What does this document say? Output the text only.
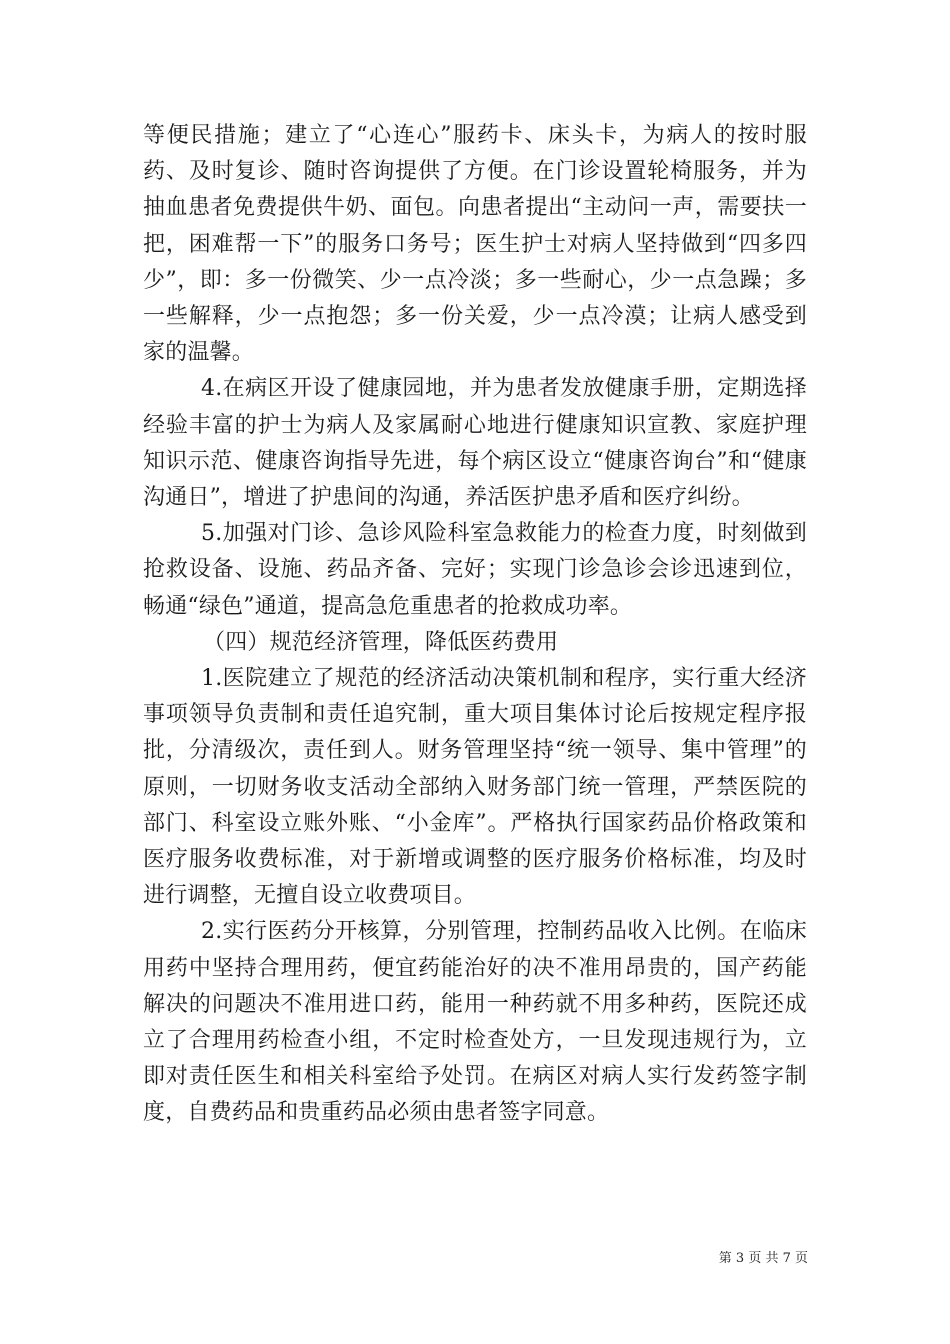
等便民措施；建立了“心连心”服药卡、床头卡，为病人的按时服药、及时复诊、随时咨询提供了方便。在门诊设置轮椅服务，并为抽血患者免费提供牛奶、面包。向患者提出“主动问一声，需要扶一把，困难帮一下”的服务口务号；医生护士对病人坚持做到“四多四少”，即：多一份微笑、少一点冷淡；多一些耐心，少一点急躁；多一些解释，少一点抱怨；多一份关爱，少一点冷漠；让病人感受到家的温馨。

4.在病区开设了健康园地，并为患者发放健康手册，定期选择经验丰富的护士为病人及家属耐心地进行健康知识宣教、家庭护理知识示范、健康咨询指导先进，每个病区设立“健康咨询台”和“健康沟通日”，增进了护患间的沟通，养活医护患矛盾和医疗纠纷。

5.加强对门诊、急诊风险科室急救能力的检查力度，时刻做到抢救设备、设施、药品齐备、完好；实现门诊急诊会诊迅速到位，畅通“绿色”通道，提高急危重患者的抢救成功率。

（四）规范经济管理，降低医药费用

1.医院建立了规范的经济活动决策机制和程序，实行重大经济事项领导负责制和责任追究制，重大项目集体讨论后按规定程序报批，分清级次，责任到人。财务管理坚持“统一领导、集中管理”的原则，一切财务收支活动全部纳入财务部门统一管理，严禁医院的部门、科室设立账外账、“小金库”。严格执行国家药品价格政策和医疗服务收费标准，对于新增或调整的医疗服务价格标准，均及时进行调整，无擅自设立收费项目。

2.实行医药分开核算，分别管理，控制药品收入比例。在临床用药中坚持合理用药，便宜药能治好的决不准用昂贵的，国产药能解决的问题决不准用进口药，能用一种药就不用多种药，医院还成立了合理用药检查小组，不定时检查处方，一旦发现违规行为，立即对责任医生和相关科室给予处罚。在病区对病人实行发药签字制度，自费药品和贵重药品必须由患者签字同意。

第 3 页 共 7 页
